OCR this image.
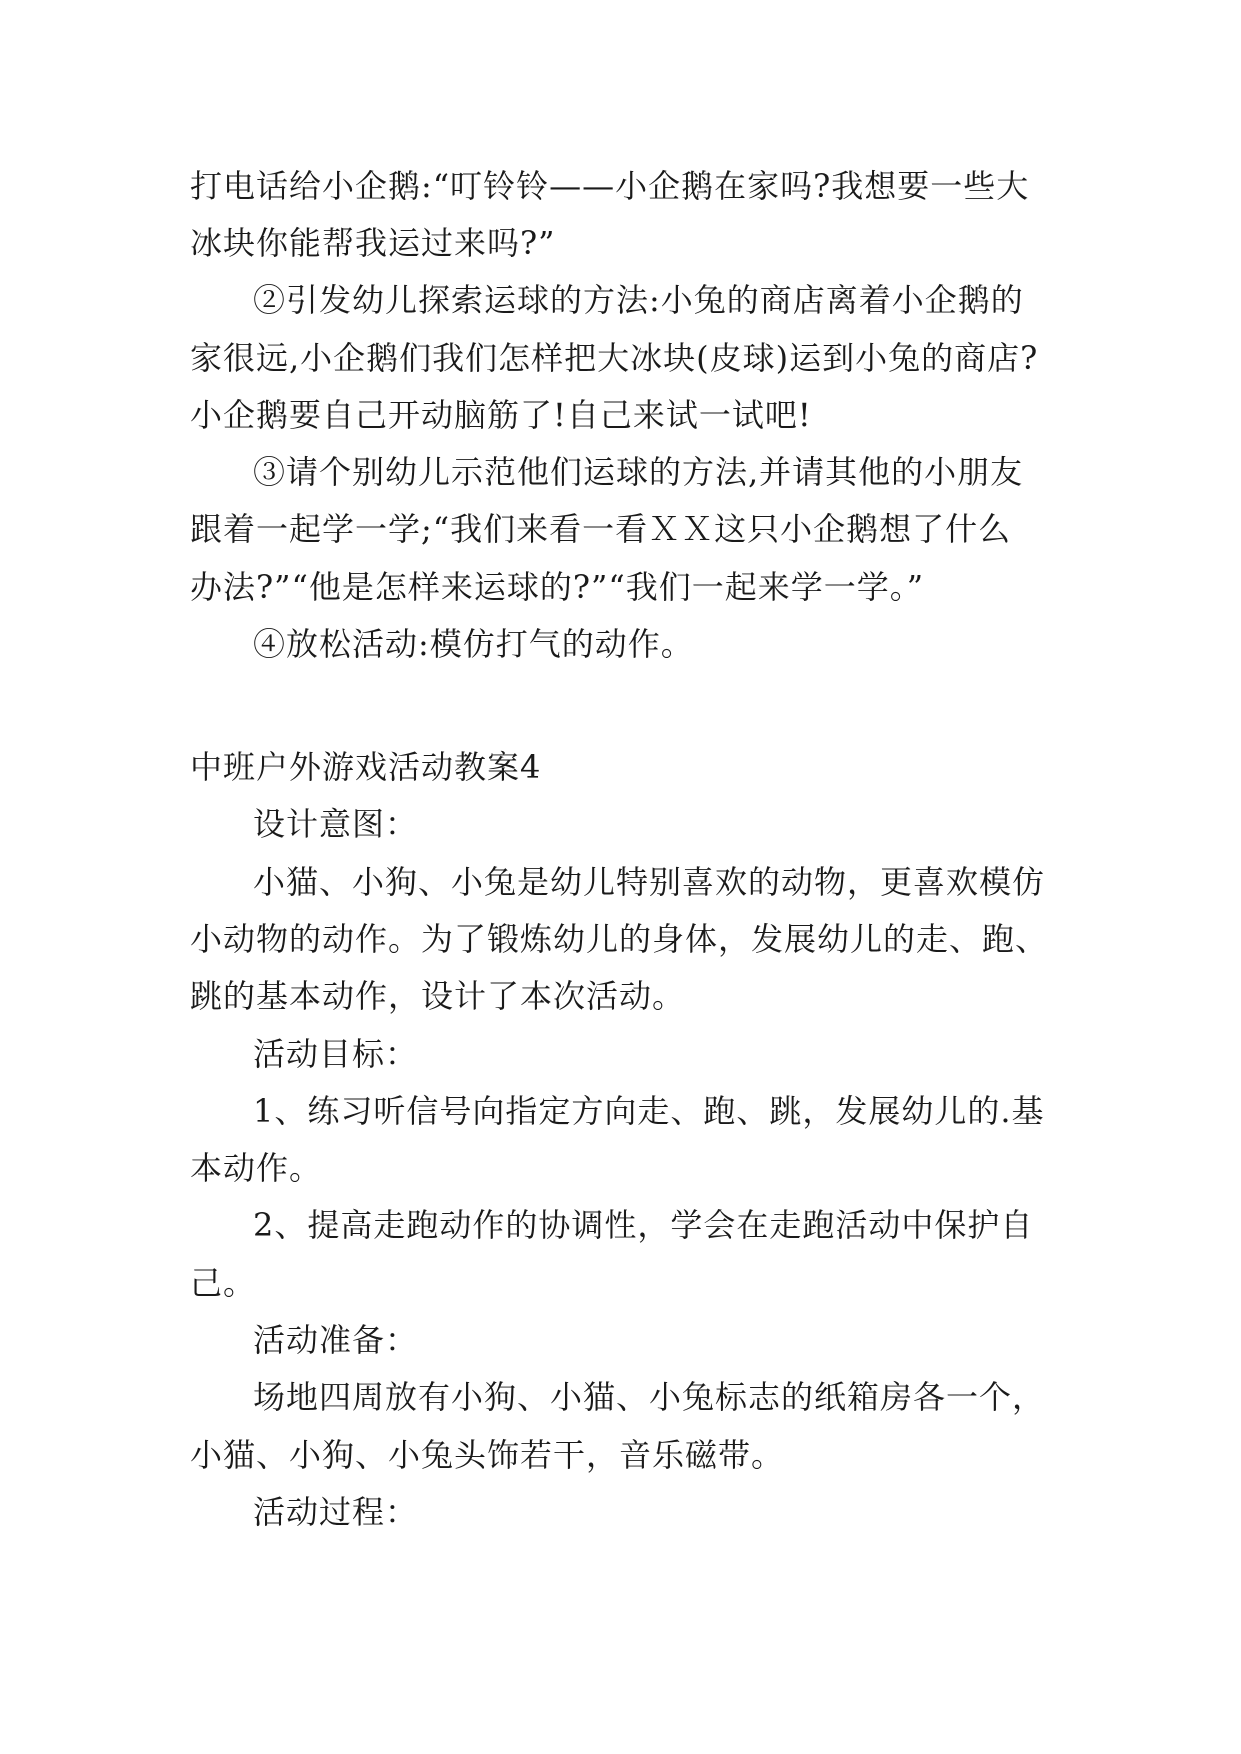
打电话给小企鹅:“叮铃铃——小企鹅在家吗?我想要一些大
冰块你能帮我运过来吗?”
②引发幼儿探索运球的方法:小兔的商店离着小企鹅的
家很远,小企鹅们我们怎样把大冰块(皮球)运到小兔的商店?
小企鹅要自己开动脑筋了!自己来试一试吧!
③请个别幼儿示范他们运球的方法,并请其他的小朋友
跟着一起学一学;“我们来看一看ＸＸ这只小企鹅想了什么
办法?”“他是怎样来运球的?”“我们一起来学一学。”
④放松活动:模仿打气的动作。
中班户外游戏活动教案4
设计意图：
小猫、小狗、小兔是幼儿特别喜欢的动物，更喜欢模仿
小动物的动作。为了锻炼幼儿的身体，发展幼儿的走、跑、
跳的基本动作，设计了本次活动。
活动目标：
1、练习听信号向指定方向走、跑、跳，发展幼儿的.基
本动作。
2、提高走跑动作的协调性，学会在走跑活动中保护自
己。
活动准备：
场地四周放有小狗、小猫、小兔标志的纸箱房各一个，
小猫、小狗、小兔头饰若干，音乐磁带。
活动过程：
